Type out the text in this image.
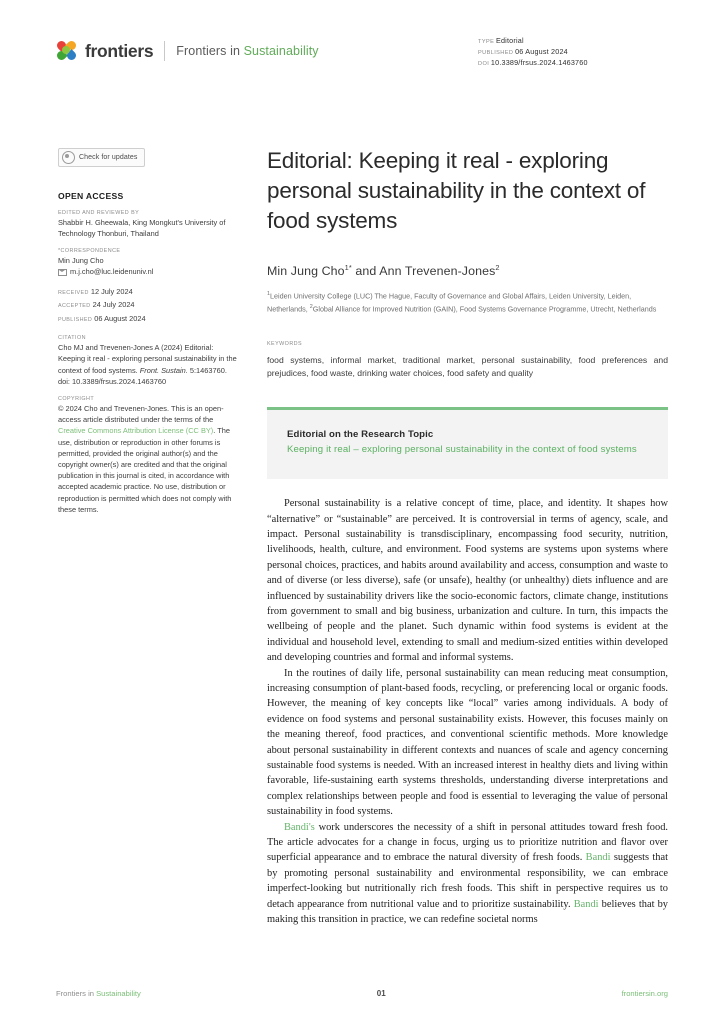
frontiers Frontiers in Sustainability
TYPE Editorial
PUBLISHED 06 August 2024
DOI 10.3389/frsus.2024.1463760
Check for updates
OPEN ACCESS
EDITED AND REVIEWED BY
Shabbir H. Gheewala, King Mongkut's University of Technology Thonburi, Thailand
*CORRESPONDENCE
Min Jung Cho
m.j.cho@luc.leidenuniv.nl
RECEIVED 12 July 2024
ACCEPTED 24 July 2024
PUBLISHED 06 August 2024
CITATION
Cho MJ and Trevenen-Jones A (2024) Editorial: Keeping it real - exploring personal sustainability in the context of food systems. Front. Sustain. 5:1463760.
doi: 10.3389/frsus.2024.1463760
COPYRIGHT
© 2024 Cho and Trevenen-Jones. This is an open-access article distributed under the terms of the Creative Commons Attribution License (CC BY). The use, distribution or reproduction in other forums is permitted, provided the original author(s) and the copyright owner(s) are credited and that the original publication in this journal is cited, in accordance with accepted academic practice. No use, distribution or reproduction is permitted which does not comply with these terms.
Editorial: Keeping it real - exploring personal sustainability in the context of food systems
Min Jung Cho$^{1*}$ and Ann Trevenen-Jones$^2$
$^1$Leiden University College (LUC) The Hague, Faculty of Governance and Global Affairs, Leiden University, Leiden, Netherlands, $^2$Global Alliance for Improved Nutrition (GAIN), Food Systems Governance Programme, Utrecht, Netherlands
KEYWORDS
food systems, informal market, traditional market, personal sustainability, food preferences and prejudices, food waste, drinking water choices, food safety and quality
Editorial on the Research Topic
Keeping it real – exploring personal sustainability in the context of food systems

Personal sustainability is a relative concept of time, place, and identity. It shapes how “alternative” or “sustainable” are perceived. It is controversial in terms of agency, scale, and impact. Personal sustainability is transdisciplinary, encompassing food security, nutrition, livelihoods, health, culture, and environment. Food systems are systems upon systems where personal choices, practices, and habits around availability and access, consumption and waste to and of diverse (or less diverse), safe (or unsafe), healthy (or unhealthy) diets influence and are influenced by sustainability drivers like the socio-economic factors, climate change, institutions from government to small and big business, urbanization and culture. In turn, this impacts the wellbeing of people and the planet. Such dynamic within food systems is evident at the individual and household level, extending to small and medium-sized entities within developed and developing countries and formal and informal systems.

In the routines of daily life, personal sustainability can mean reducing meat consumption, increasing consumption of plant-based foods, recycling, or preferencing local or organic foods. However, the meaning of key concepts like “local” varies among individuals. A body of evidence on food systems and personal sustainability exists. However, this focuses mainly on the meaning thereof, food practices, and conventional scientific methods. More knowledge about personal sustainability in different contexts and nuances of scale and agency concerning sustainable food systems is needed. With an increased interest in healthy diets and living within favorable, life-sustaining earth systems thresholds, understanding diverse interpretations and complex relationships between people and food is essential to leveraging the value of personal sustainability in food systems.

Bandi's work underscores the necessity of a shift in personal attitudes toward fresh food. The article advocates for a change in focus, urging us to prioritize nutrition and flavor over superficial appearance and to embrace the natural diversity of fresh foods. Bandi suggests that by promoting personal sustainability and environmental responsibility, we can embrace imperfect-looking but nutritionally rich fresh foods. This shift in perspective requires us to detach appearance from nutritional value and to prioritize sustainability. Bandi believes that by making this transition in practice, we can redefine societal norms

Frontiers in Sustainability	01	frontiersin.org
